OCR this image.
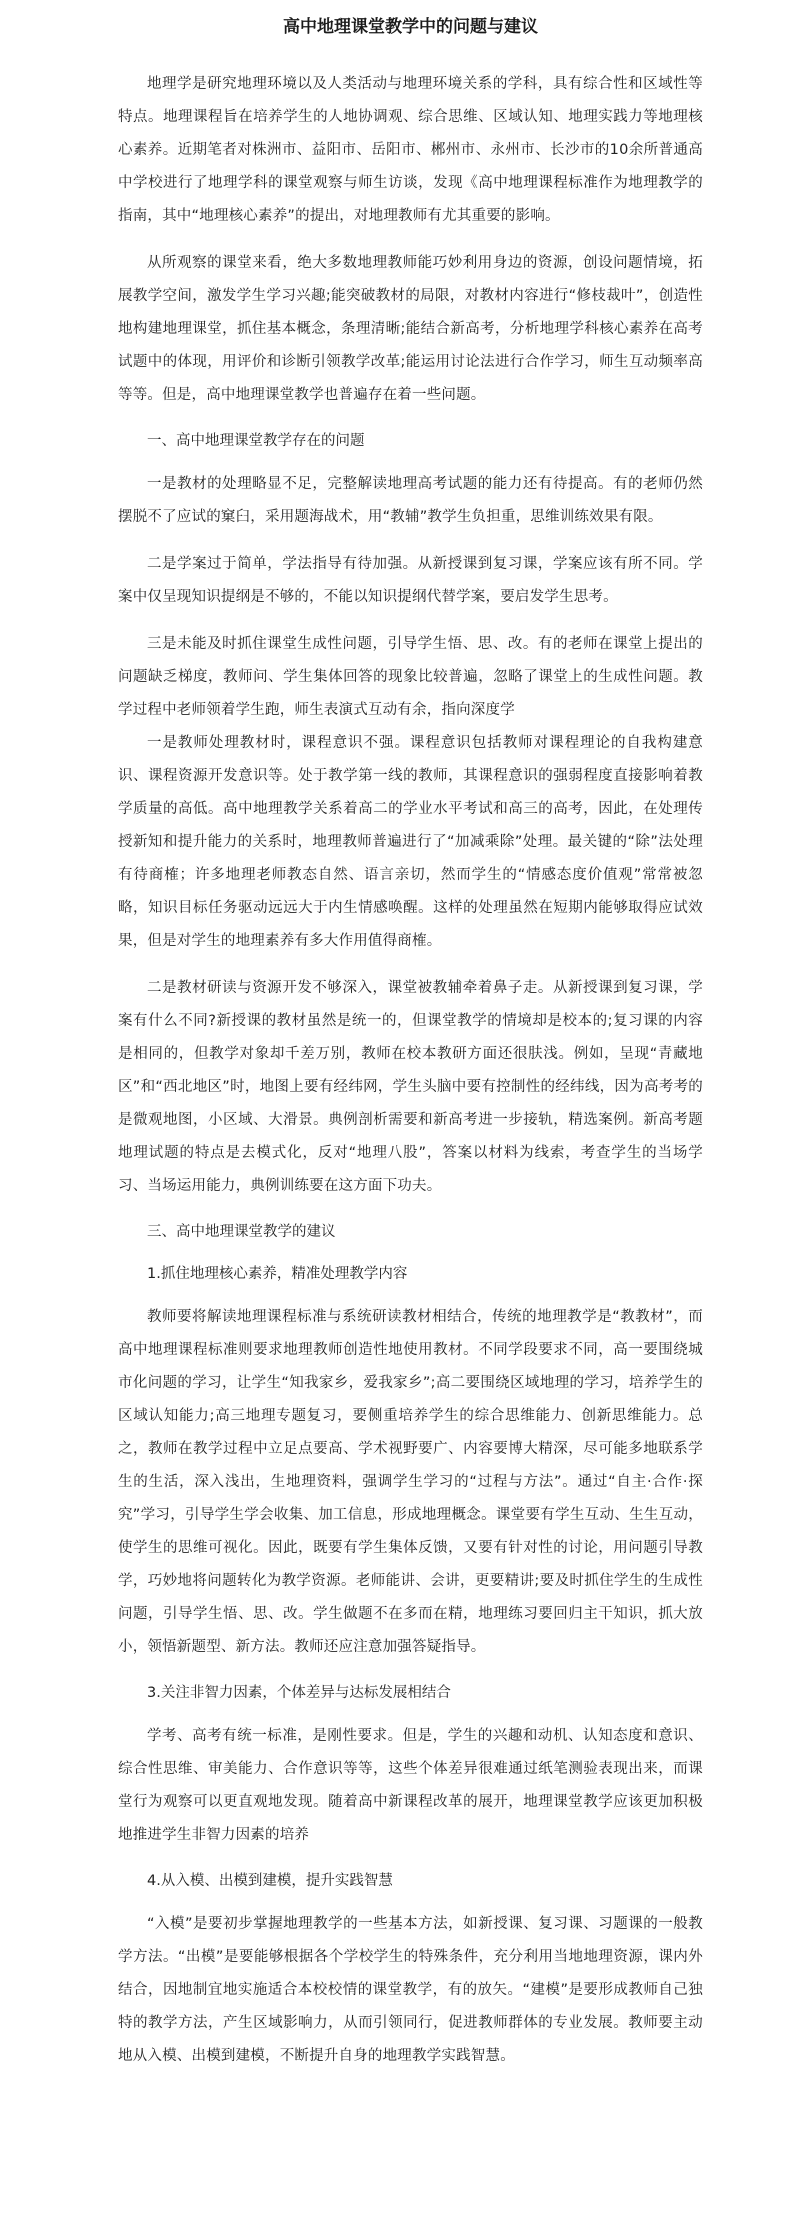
高中地理课堂教学中的问题与建议

地理学是研究地理环境以及人类活动与地理环境关系的学科，具有综合性和区域性等特点。地理课程旨在培养学生的人地协调观、综合思维、区域认知、地理实践力等地理核心素养。近期笔者对株洲市、益阳市、岳阳市、郴州市、永州市、长沙市的10余所普通高中学校进行了地理学科的课堂观察与师生访谈，发现《高中地理课程标准作为地理教学的指南，其中“地理核心素养”的提出，对地理教师有尤其重要的影响。

从所观察的课堂来看，绝大多数地理教师能巧妙利用身边的资源，创设问题情境，拓展教学空间，激发学生学习兴趣;能突破教材的局限，对教材内容进行“修枝裁叶”，创造性地构建地理课堂，抓住基本概念，条理清晰;能结合新高考，分析地理学科核心素养在高考试题中的体现，用评价和诊断引领教学改革;能运用讨论法进行合作学习，师生互动频率高等等。但是，高中地理课堂教学也普遍存在着一些问题。

一、高中地理课堂教学存在的问题

一是教材的处理略显不足，完整解读地理高考试题的能力还有待提高。有的老师仍然摆脱不了应试的窠臼，采用题海战术，用“教辅”教学生负担重，思维训练效果有限。

二是学案过于简单，学法指导有待加强。从新授课到复习课，学案应该有所不同。学案中仅呈现知识提纲是不够的，不能以知识提纲代替学案，要启发学生思考。

三是未能及时抓住课堂生成性问题，引导学生悟、思、改。有的老师在课堂上提出的问题缺乏梯度，教师问、学生集体回答的现象比较普遍，忽略了课堂上的生成性问题。教学过程中老师领着学生跑，师生表演式互动有余，指向深度学

一是教师处理教材时，课程意识不强。课程意识包括教师对课程理论的自我构建意识、课程资源开发意识等。处于教学第一线的教师，其课程意识的强弱程度直接影响着教学质量的高低。高中地理教学关系着高二的学业水平考试和高三的高考，因此，在处理传授新知和提升能力的关系时，地理教师普遍进行了“加减乘除”处理。最关键的“除”法处理有待商榷；许多地理老师教态自然、语言亲切，然而学生的“情感态度价值观”常常被忽略，知识目标任务驱动远远大于内生情感唤醒。这样的处理虽然在短期内能够取得应试效果，但是对学生的地理素养有多大作用值得商榷。

二是教材研读与资源开发不够深入，课堂被教辅牵着鼻子走。从新授课到复习课，学案有什么不同?新授课的教材虽然是统一的，但课堂教学的情境却是校本的;复习课的内容是相同的，但教学对象却千差万别，教师在校本教研方面还很肤浅。例如，呈现“青藏地区”和“西北地区”时，地图上要有经纬网，学生头脑中要有控制性的经纬线，因为高考考的是微观地图，小区域、大滑景。典例剖析需要和新高考进一步接轨，精选案例。新高考题地理试题的特点是去模式化，反对“地理八股”，答案以材料为线索，考查学生的当场学习、当场运用能力，典例训练要在这方面下功夫。

三、高中地理课堂教学的建议
1.抓住地理核心素养，精准处理教学内容

教师要将解读地理课程标准与系统研读教材相结合，传统的地理教学是“教教材”，而高中地理课程标准则要求地理教师创造性地使用教材。不同学段要求不同，高一要围绕城市化问题的学习，让学生“知我家乡，爱我家乡”;高二要围绕区域地理的学习，培养学生的区域认知能力;高三地理专题复习，要侧重培养学生的综合思维能力、创新思维能力。总之，教师在教学过程中立足点要高、学术视野要广、内容要博大精深，尽可能多地联系学生的生活，深入浅出，生地理资料，强调学生学习的“过程与方法”。通过“自主·合作·探究”学习，引导学生学会收集、加工信息，形成地理概念。课堂要有学生互动、生生互动，使学生的思维可视化。因此，既要有学生集体反馈，又要有针对性的讨论，用问题引导教学，巧妙地将问题转化为教学资源。老师能讲、会讲，更要精讲;要及时抓住学生的生成性问题，引导学生悟、思、改。学生做题不在多而在精，地理练习要回归主干知识，抓大放小，领悟新题型、新方法。教师还应注意加强答疑指导。

3.关注非智力因素，个体差异与达标发展相结合

学考、高考有统一标准，是刚性要求。但是，学生的兴趣和动机、认知态度和意识、综合性思维、审美能力、合作意识等等，这些个体差异很难通过纸笔测验表现出来，而课堂行为观察可以更直观地发现。随着高中新课程改革的展开，地理课堂教学应该更加积极地推进学生非智力因素的培养

4.从入模、出模到建模，提升实践智慧

“入模”是要初步掌握地理教学的一些基本方法，如新授课、复习课、习题课的一般教学方法。“出模”是要能够根据各个学校学生的特殊条件，充分利用当地地理资源，课内外结合，因地制宜地实施适合本校校情的课堂教学，有的放矢。“建模”是要形成教师自己独特的教学方法，产生区域影响力，从而引领同行，促进教师群体的专业发展。教师要主动地从入模、出模到建模，不断提升自身的地理教学实践智慧。
